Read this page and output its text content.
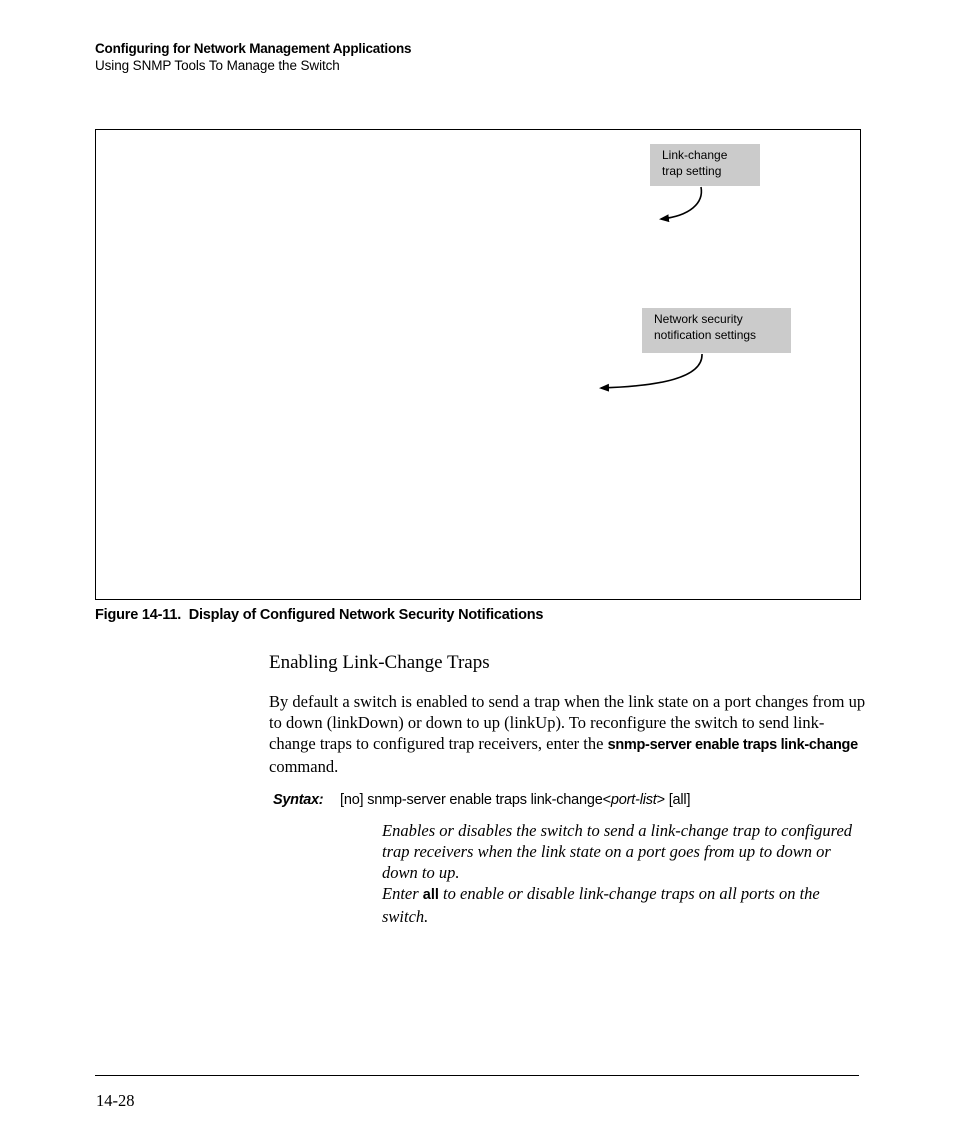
Configuring for Network Management Applications
Using SNMP Tools To Manage the Switch
Link-change
trap setting
Network security
notification settings
Figure 14-11.  Display of Configured Network Security Notifications
Enabling Link-Change Traps
By default a switch is enabled to send a trap when the link state on a port changes from up to down (linkDown) or down to up (linkUp). To reconfigure the switch to send link-change traps to configured trap receivers, enter the snmp-server enable traps link-change command.
Syntax: [no] snmp-server enable traps link-change<port-list> [all]
Enables or disables the switch to send a link-change trap to configured trap receivers when the link state on a port goes from up to down or down to up.
Enter all to enable or disable link-change traps on all ports on the switch.
14-28
